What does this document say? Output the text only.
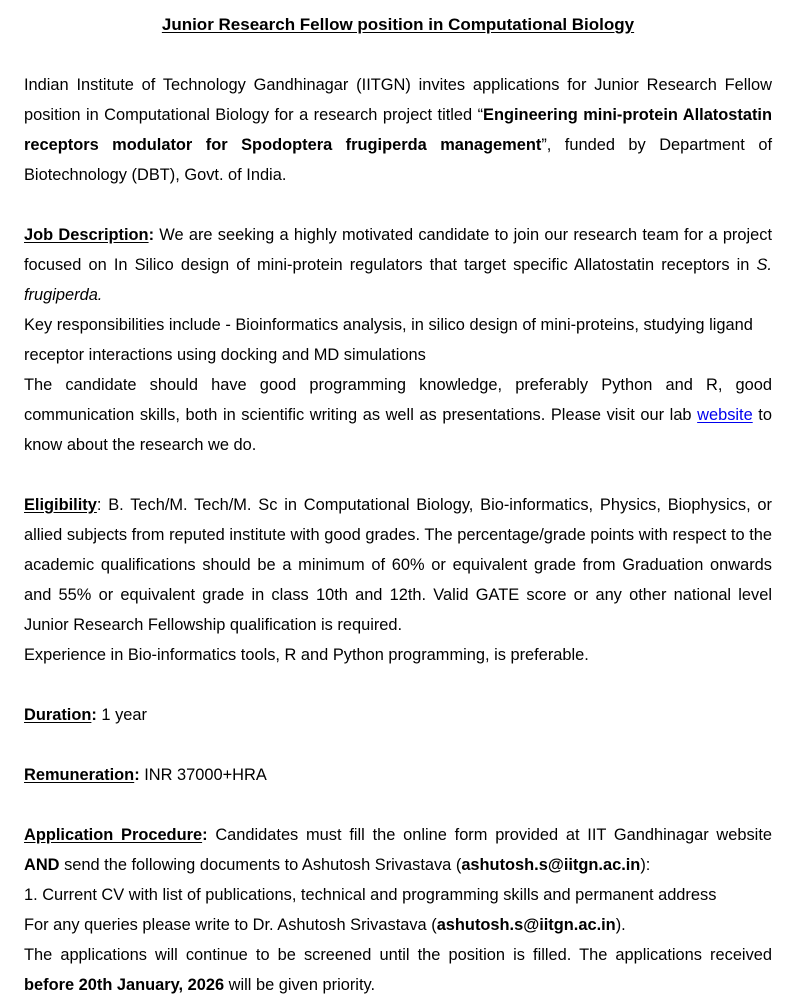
Junior Research Fellow position in Computational Biology

Indian Institute of Technology Gandhinagar (IITGN) invites applications for Junior Research Fellow position in Computational Biology for a research project titled “Engineering mini-protein Allatostatin receptors modulator for Spodoptera frugiperda management”, funded by Department of Biotechnology (DBT), Govt. of India.

Job Description: We are seeking a highly motivated candidate to join our research team for a project focused on In Silico design of mini-protein regulators that target specific Allatostatin receptors in S. frugiperda.

Key responsibilities include - Bioinformatics analysis, in silico design of mini-proteins, studying ligand receptor interactions using docking and MD simulations

The candidate should have good programming knowledge, preferably Python and R, good communication skills, both in scientific writing as well as presentations. Please visit our lab website to know about the research we do.

Eligibility: B. Tech/M. Tech/M. Sc in Computational Biology, Bio-informatics, Physics, Biophysics, or allied subjects from reputed institute with good grades. The percentage/grade points with respect to the academic qualifications should be a minimum of 60% or equivalent grade from Graduation onwards and 55% or equivalent grade in class 10th and 12th. Valid GATE score or any other national level Junior Research Fellowship qualification is required.

Experience in Bio-informatics tools, R and Python programming, is preferable.

Duration: 1 year

Remuneration: INR 37000+HRA

Application Procedure: Candidates must fill the online form provided at IIT Gandhinagar website AND send the following documents to Ashutosh Srivastava (ashutosh.s@iitgn.ac.in):

1. Current CV with list of publications, technical and programming skills and permanent address

For any queries please write to Dr. Ashutosh Srivastava (ashutosh.s@iitgn.ac.in).

The applications will continue to be screened until the position is filled. The applications received before 20th January, 2026 will be given priority.
